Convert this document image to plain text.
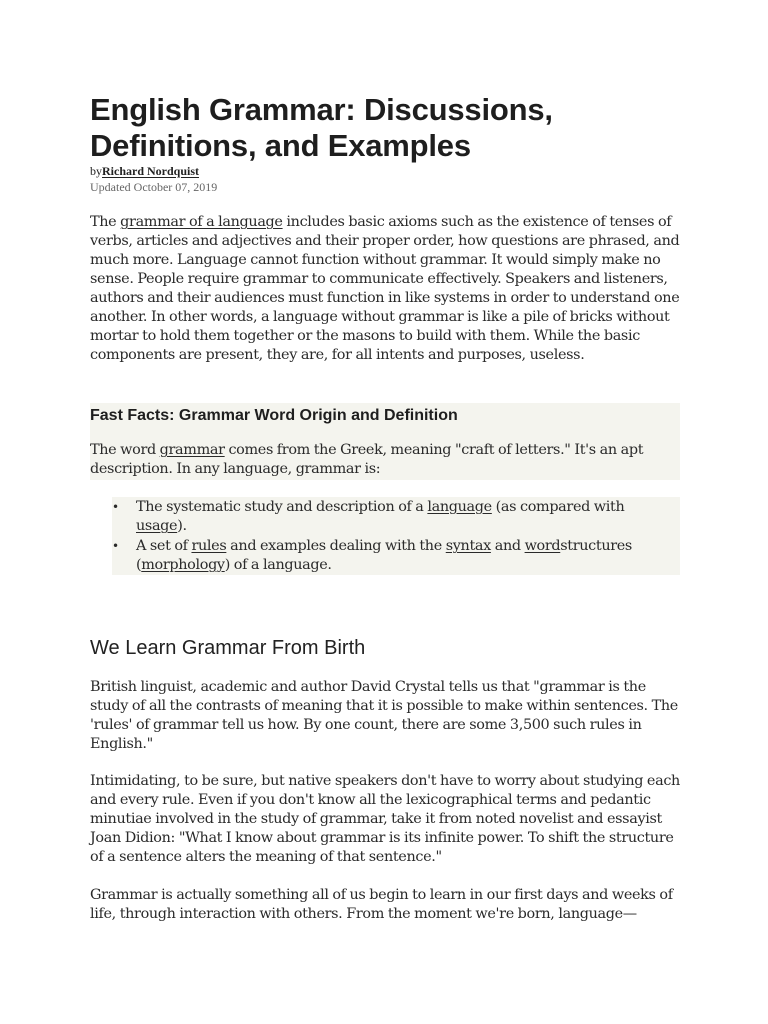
English Grammar: Discussions, Definitions, and Examples
byRichard Nordquist
Updated October 07, 2019

The grammar of a language includes basic axioms such as the existence of tenses of verbs, articles and adjectives and their proper order, how questions are phrased, and much more. Language cannot function without grammar. It would simply make no sense. People require grammar to communicate effectively. Speakers and listeners, authors and their audiences must function in like systems in order to understand one another. In other words, a language without grammar is like a pile of bricks without mortar to hold them together or the masons to build with them. While the basic components are present, they are, for all intents and purposes, useless.

Fast Facts: Grammar Word Origin and Definition

The word grammar comes from the Greek, meaning "craft of letters." It's an apt description. In any language, grammar is:

•	The systematic study and description of a language (as compared with usage).
•	A set of rules and examples dealing with the syntax and wordstructures (morphology) of a language.
We Learn Grammar From Birth

British linguist, academic and author David Crystal tells us that "grammar is the study of all the contrasts of meaning that it is possible to make within sentences. The 'rules' of grammar tell us how. By one count, there are some 3,500 such rules in English."

Intimidating, to be sure, but native speakers don't have to worry about studying each and every rule. Even if you don't know all the lexicographical terms and pedantic minutiae involved in the study of grammar, take it from noted novelist and essayist Joan Didion: "What I know about grammar is its infinite power. To shift the structure of a sentence alters the meaning of that sentence."

Grammar is actually something all of us begin to learn in our first days and weeks of life, through interaction with others. From the moment we're born, language—
